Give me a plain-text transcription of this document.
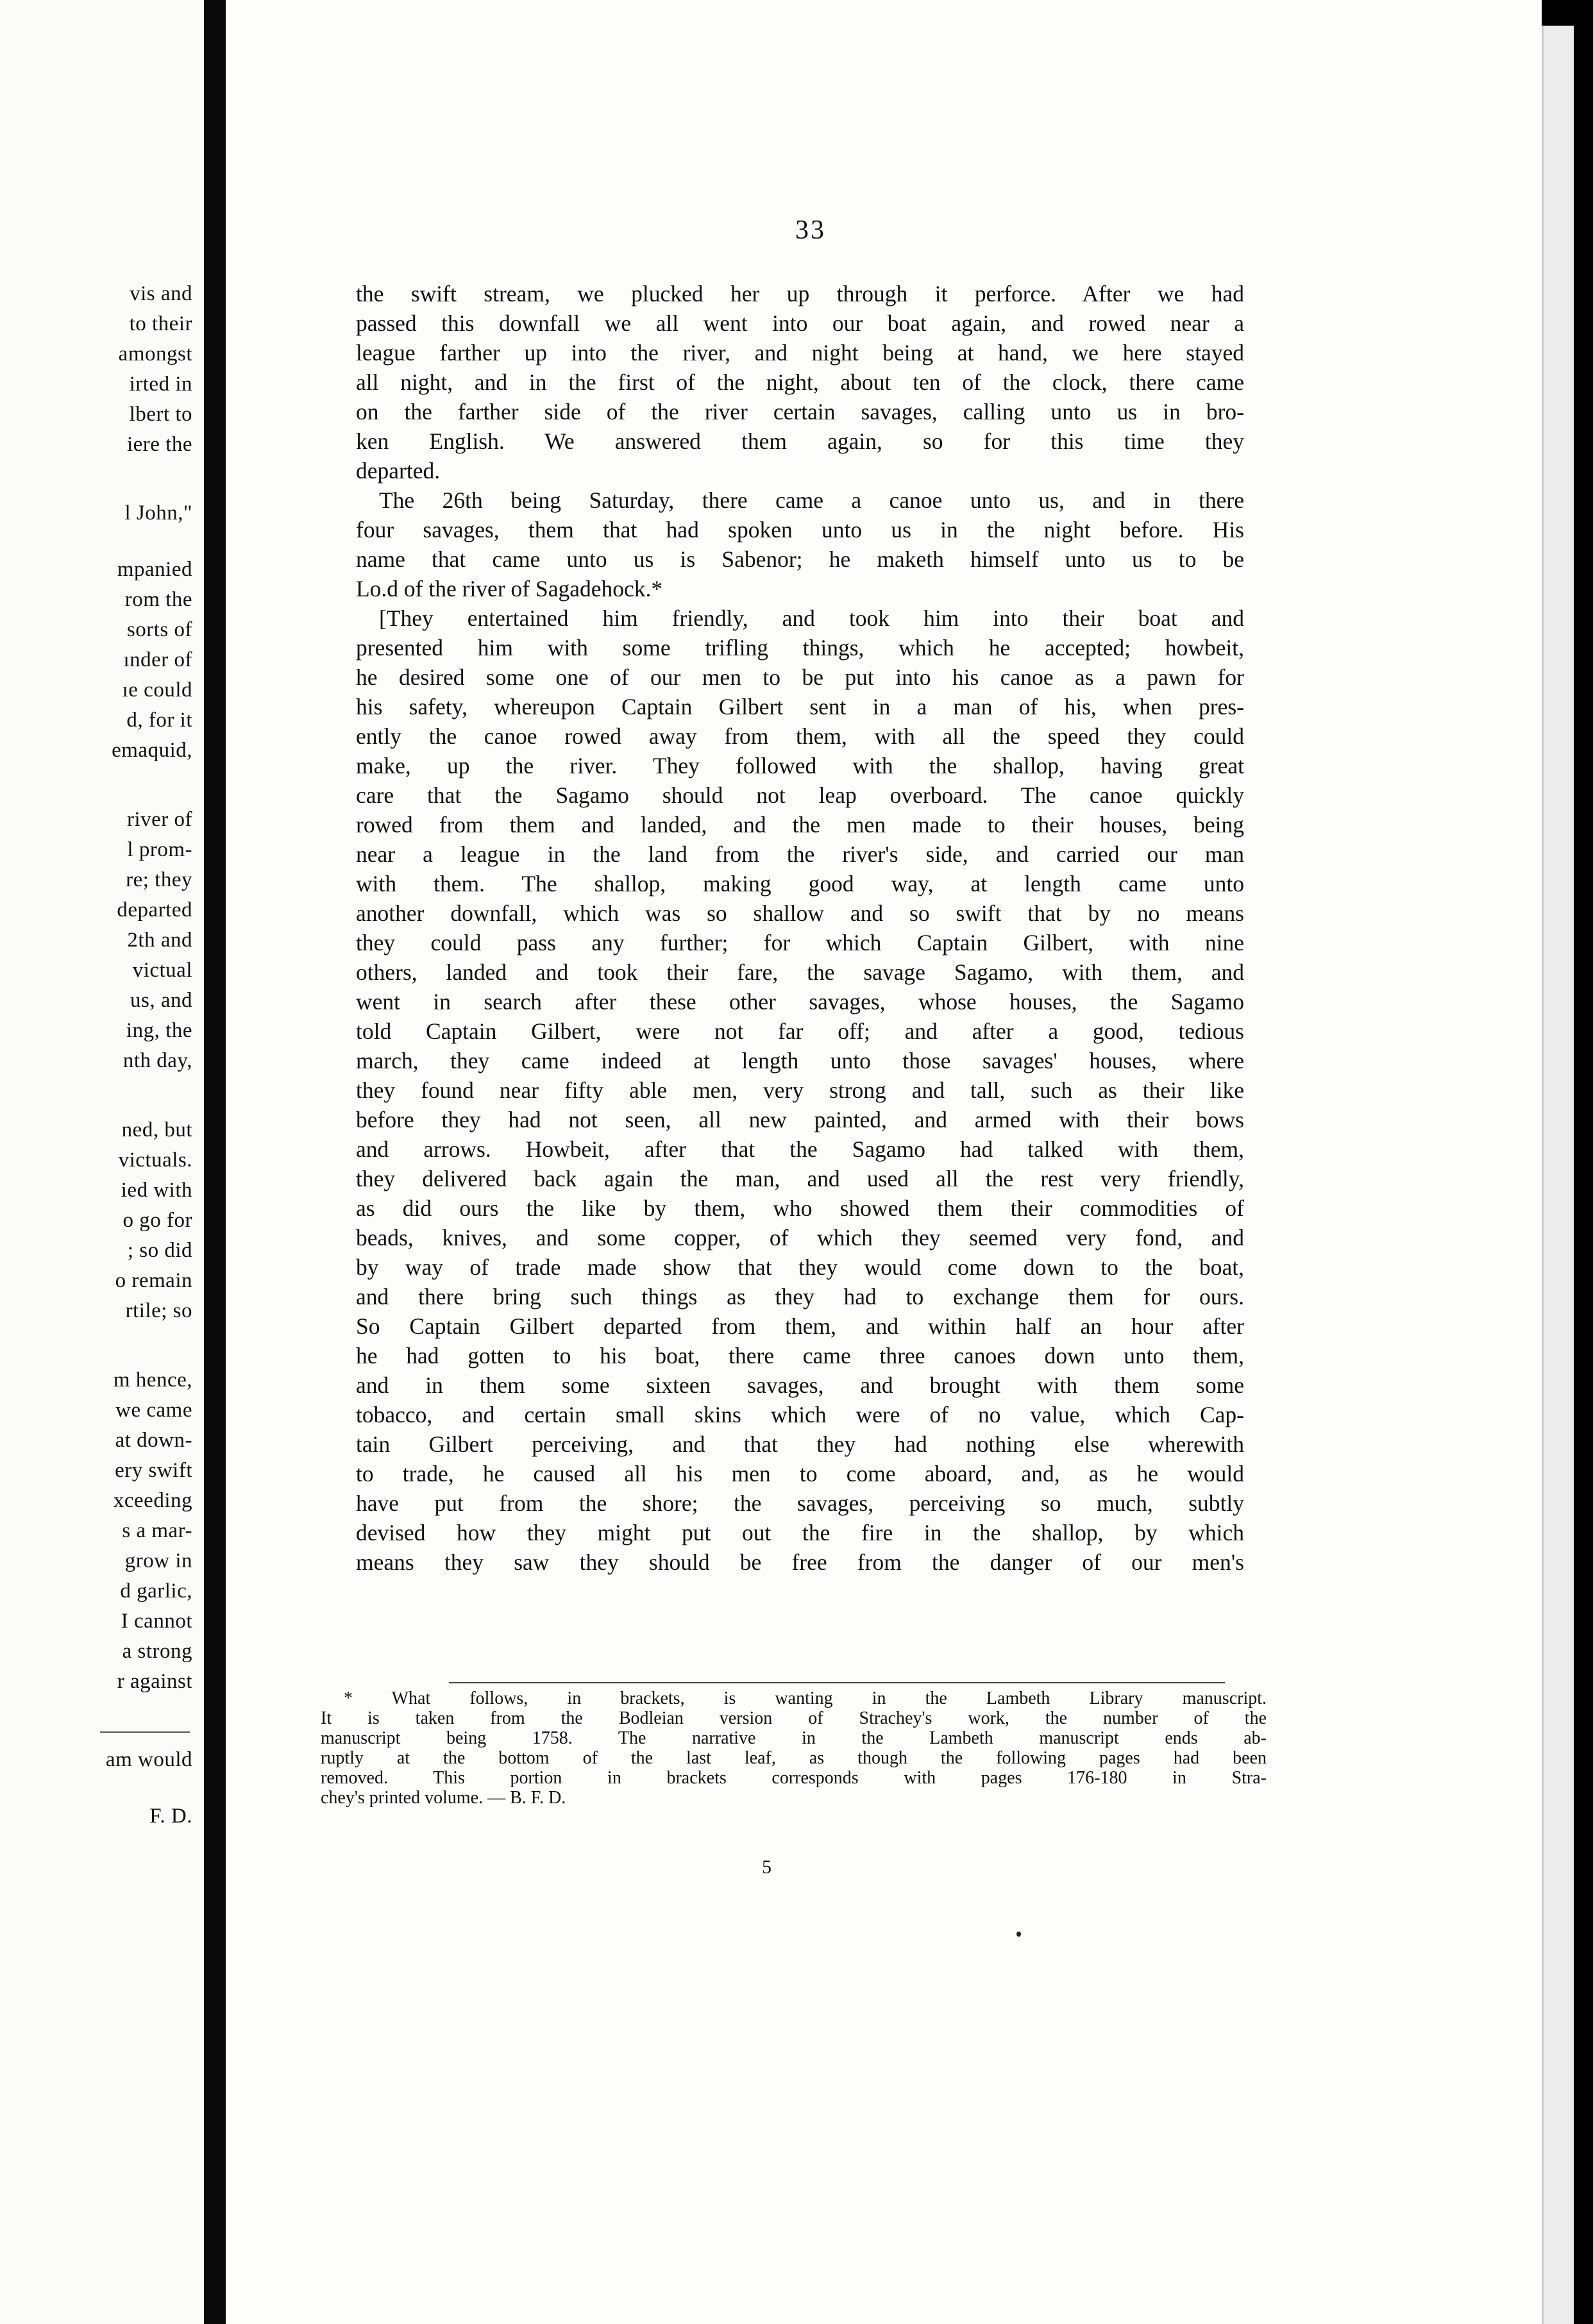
vis and
to their
amongst
irted in
lbert to
iere the
l John,"
mpanied
rom the
sorts of
ınder of
ıe could
d, for it
emaquid,
river of
l prom-
re; they
departed
2th and
victual
us, and
ing, the
nth day,
ned, but
victuals.
ied with
o go for
; so did
o remain
rtile; so
m hence,
we came
at down-
ery swift
xceeding
s a mar-
grow in
d garlic,
I cannot
a strong
r against
am would
F. D.
33
the swift stream, we plucked her up through it perforce. After we had
passed this downfall we all went into our boat again, and rowed near a
league farther up into the river, and night being at hand, we here stayed
all night, and in the first of the night, about ten of the clock, there came
on the farther side of the river certain savages, calling unto us in bro-
ken English. We answered them again, so for this time they
departed.
The 26th being Saturday, there came a canoe unto us, and in there
four savages, them that had spoken unto us in the night before. His
name that came unto us is Sabenor; he maketh himself unto us to be
Lo.d of the river of Sagadehock.*
[They entertained him friendly, and took him into their boat and
presented him with some trifling things, which he accepted; howbeit,
he desired some one of our men to be put into his canoe as a pawn for
his safety, whereupon Captain Gilbert sent in a man of his, when pres-
ently the canoe rowed away from them, with all the speed they could
make, up the river. They followed with the shallop, having great
care that the Sagamo should not leap overboard. The canoe quickly
rowed from them and landed, and the men made to their houses, being
near a league in the land from the river's side, and carried our man
with them. The shallop, making good way, at length came unto
another downfall, which was so shallow and so swift that by no means
they could pass any further; for which Captain Gilbert, with nine
others, landed and took their fare, the savage Sagamo, with them, and
went in search after these other savages, whose houses, the Sagamo
told Captain Gilbert, were not far off; and after a good, tedious
march, they came indeed at length unto those savages' houses, where
they found near fifty able men, very strong and tall, such as their like
before they had not seen, all new painted, and armed with their bows
and arrows. Howbeit, after that the Sagamo had talked with them,
they delivered back again the man, and used all the rest very friendly,
as did ours the like by them, who showed them their commodities of
beads, knives, and some copper, of which they seemed very fond, and
by way of trade made show that they would come down to the boat,
and there bring such things as they had to exchange them for ours.
So Captain Gilbert departed from them, and within half an hour after
he had gotten to his boat, there came three canoes down unto them,
and in them some sixteen savages, and brought with them some
tobacco, and certain small skins which were of no value, which Cap-
tain Gilbert perceiving, and that they had nothing else wherewith
to trade, he caused all his men to come aboard, and, as he would
have put from the shore; the savages, perceiving so much, subtly
devised how they might put out the fire in the shallop, by which
means they saw they should be free from the danger of our men's
* What follows, in brackets, is wanting in the Lambeth Library manuscript.
It is taken from the Bodleian version of Strachey's work, the number of the
manuscript being 1758. The narrative in the Lambeth manuscript ends ab-
ruptly at the bottom of the last leaf, as though the following pages had been
removed. This portion in brackets corresponds with pages 176-180 in Stra-
chey's printed volume. — B. F. D.
5
